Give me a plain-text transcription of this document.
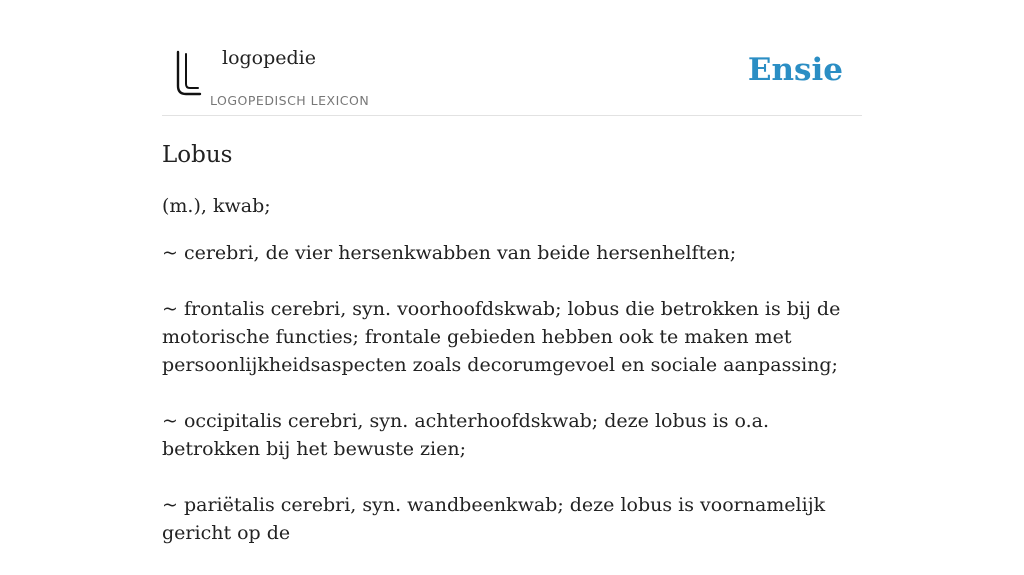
logopedie
LOGOPEDISCH LEXICON
Ensie
Lobus
(m.), kwab;

~ cerebri, de vier hersenkwabben van beide hersenhelften;

~ frontalis cerebri, syn. voorhoofdskwab; lobus die betrokken is bij de motorische functies; frontale gebieden hebben ook te maken met persoonlijkheidsaspecten zoals decorumgevoel en sociale aanpassing;

~ occipitalis cerebri, syn. achterhoofdskwab; deze lobus is o.a. betrokken bij het bewuste zien;

~ pariëtalis cerebri, syn. wandbeenkwab; deze lobus is voornamelijk gericht op de
